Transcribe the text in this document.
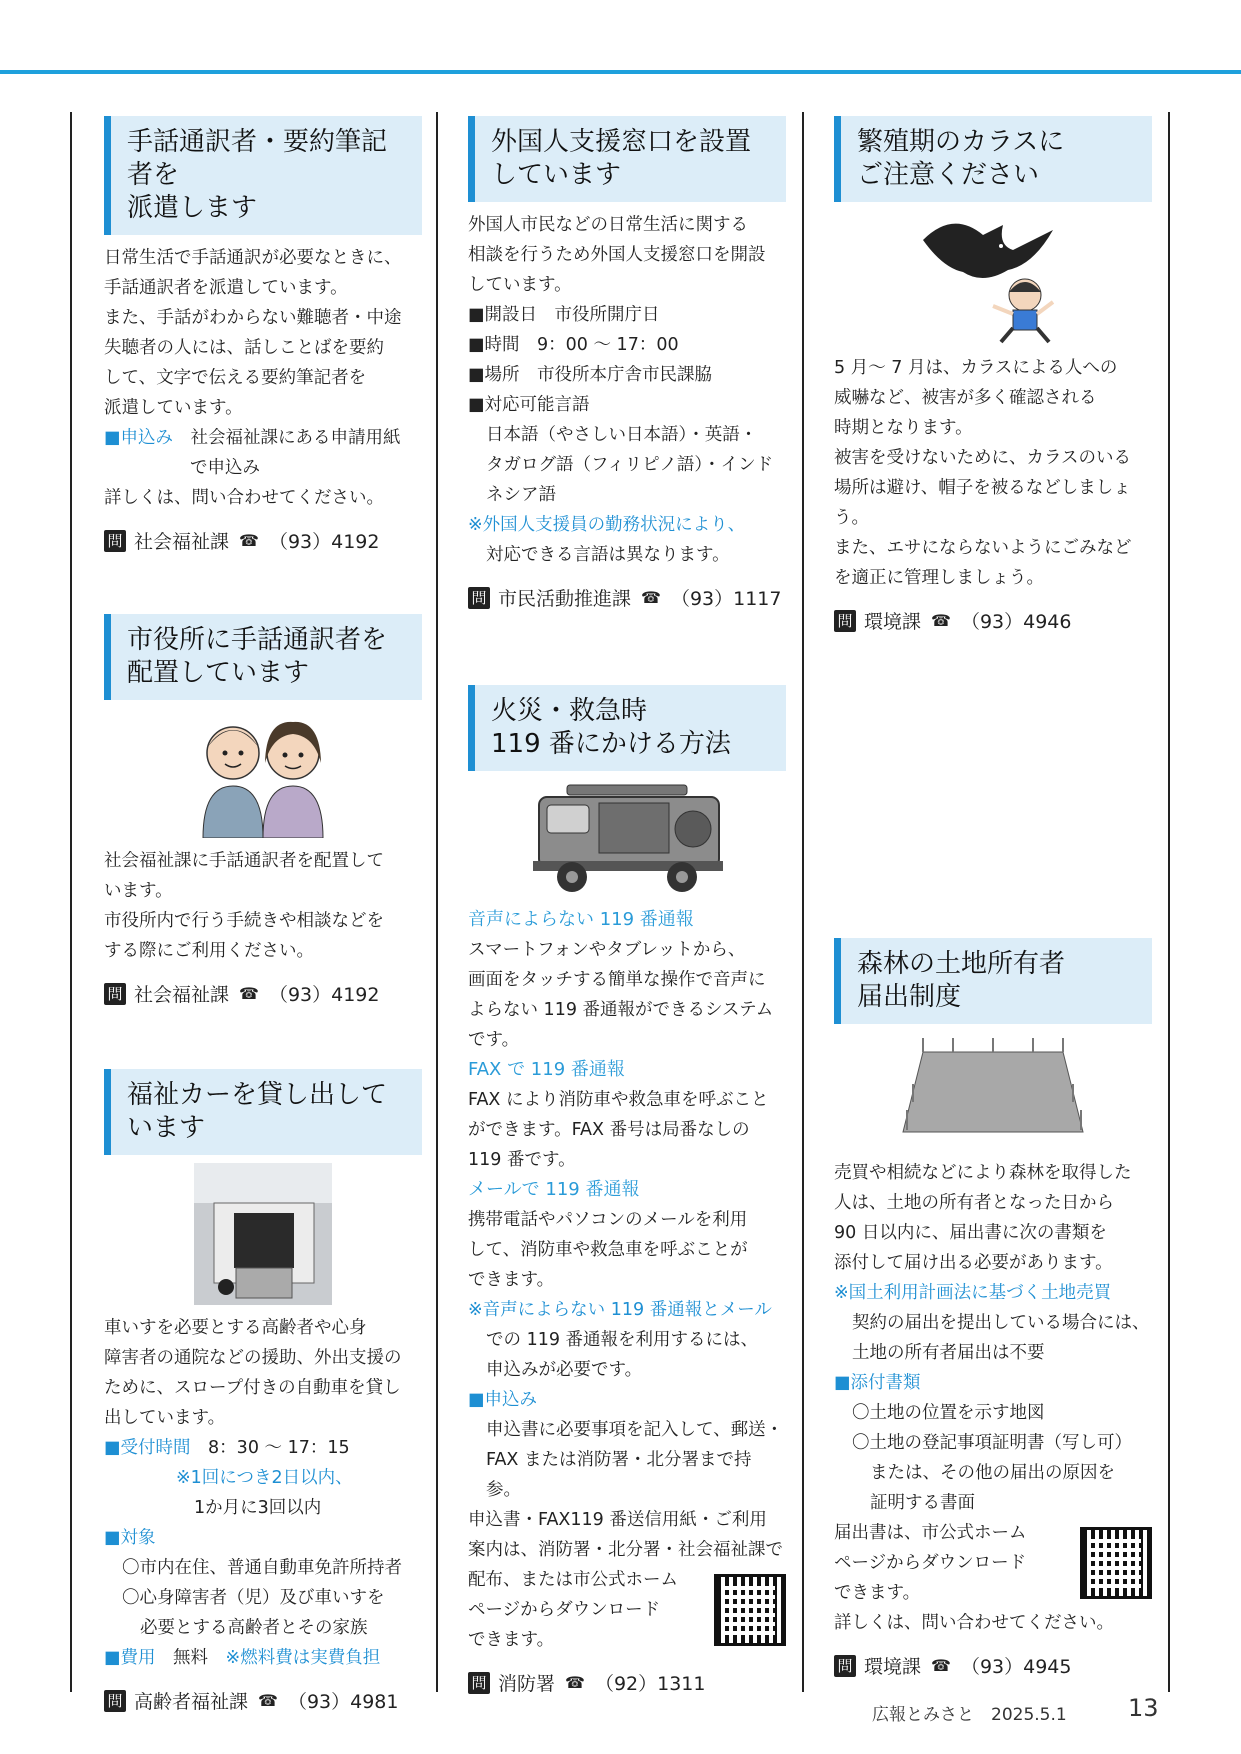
手話通訳者・要約筆記者を
派遣します

日常生活で手話通訳が必要なときに、

手話通訳者を派遣しています。

また、手話がわからない難聴者・中途

失聴者の人には、話しことばを要約

して、文字で伝える要約筆記者を

派遣しています。

■申込み　 社会福祉課にある申請用紙

で申込み

詳しくは、問い合わせてください。

問 社会福祉課 ☎ （93）4192
市役所に手話通訳者を
配置しています

社会福祉課に手話通訳者を配置して

います。

市役所内で行う手続きや相談などを

する際にご利用ください。

問 社会福祉課 ☎ （93）4192
福祉カーを貸し出して
います

車いすを必要とする高齢者や心身

障害者の通院などの援助、外出支援の

ために、スロープ付きの自動車を貸し

出しています。

■受付時間　 8：30 ～ 17：15

※1回につき2日以内、

1か月に3回以内

■対象

〇市内在住、普通自動車免許所持者

〇心身障害者（児）及び車いすを

必要とする高齢者とその家族

■費用　 無料　 ※燃料費は実費負担

問 高齢者福祉課 ☎ （93）4981
外国人支援窓口を設置
しています

外国人市民などの日常生活に関する

相談を行うため外国人支援窓口を開設

しています。

■開設日　市役所開庁日

■時間　9：00 ～ 17：00

■場所　市役所本庁舎市民課脇

■対応可能言語

日本語（やさしい日本語）・英語・

タガログ語（フィリピノ語）・インド

ネシア語

※外国人支援員の勤務状況により、

対応できる言語は異なります。

問 市民活動推進課 ☎ （93）1117
火災・救急時
119 番にかける方法

音声によらない 119 番通報

スマートフォンやタブレットから、

画面をタッチする簡単な操作で音声に

よらない 119 番通報ができるシステム

です。

FAX で 119 番通報

FAX により消防車や救急車を呼ぶこと

ができます。FAX 番号は局番なしの

119 番です。

メールで 119 番通報

携帯電話やパソコンのメールを利用

して、消防車や救急車を呼ぶことが

できます。

※音声によらない 119 番通報とメール

での 119 番通報を利用するには、

申込みが必要です。

■申込み

申込書に必要事項を記入して、郵送・

FAX または消防署・北分署まで持参。

申込書・FAX119 番送信用紙・ご利用

案内は、消防署・北分署・社会福祉課で

配布、または市公式ホーム

ページからダウンロード

できます。

問 消防署 ☎ （92）1311
繁殖期のカラスに
ご注意ください

5 月～ 7 月は、カラスによる人への

威嚇など、被害が多く確認される

時期となります。

被害を受けないために、カラスのいる

場所は避け、帽子を被るなどしましょう。

また、エサにならないようにごみなど

を適正に管理しましょう。

問 環境課 ☎ （93）4946
森林の土地所有者
届出制度

売買や相続などにより森林を取得した

人は、土地の所有者となった日から

90 日以内に、届出書に次の書類を

添付して届け出る必要があります。

※国土利用計画法に基づく土地売買

契約の届出を提出している場合には、

土地の所有者届出は不要

■添付書類

〇土地の位置を示す地図

〇土地の登記事項証明書（写し可）

または、その他の届出の原因を

証明する書面

届出書は、市公式ホーム

ページからダウンロード

できます。

詳しくは、問い合わせてください。

問 環境課 ☎ （93）4945
広報とみさと　2025.5.1	13
